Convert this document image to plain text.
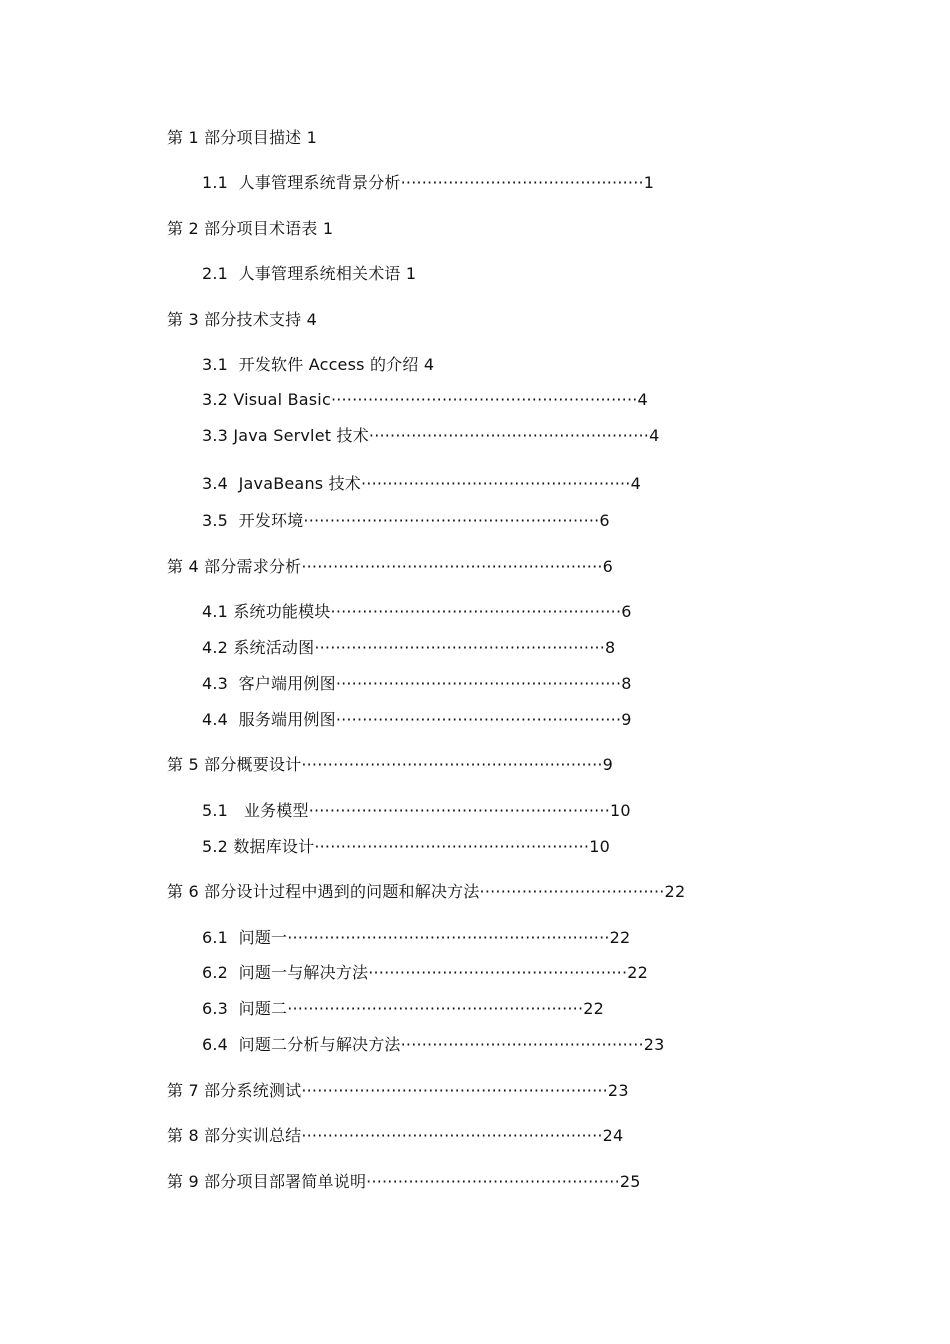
第 1 部分项目描述 1
1.1  人事管理系统背景分析··············································1
第 2 部分项目术语表 1
2.1  人事管理系统相关术语 1
第 3 部分技术支持 4
3.1  开发软件 Access 的介绍 4
3.2 Visual Basic··························································4
3.3 Java Servlet 技术·····················································4
3.4  JavaBeans 技术···················································4
3.5  开发环境························································6
第 4 部分需求分析·························································6
4.1 系统功能模块·······················································6
4.2 系统活动图·······················································8
4.3  客户端用例图······················································8
4.4  服务端用例图······················································9
第 5 部分概要设计·························································9
5.1   业务模型·························································10
5.2 数据库设计····················································10
第 6 部分设计过程中遇到的问题和解决方法···································22
6.1  问题一·····························································22
6.2  问题一与解决方法·················································22
6.3  问题二························································22
6.4  问题二分析与解决方法··············································23
第 7 部分系统测试··························································23
第 8 部分实训总结·························································24
第 9 部分项目部署简单说明················································25
